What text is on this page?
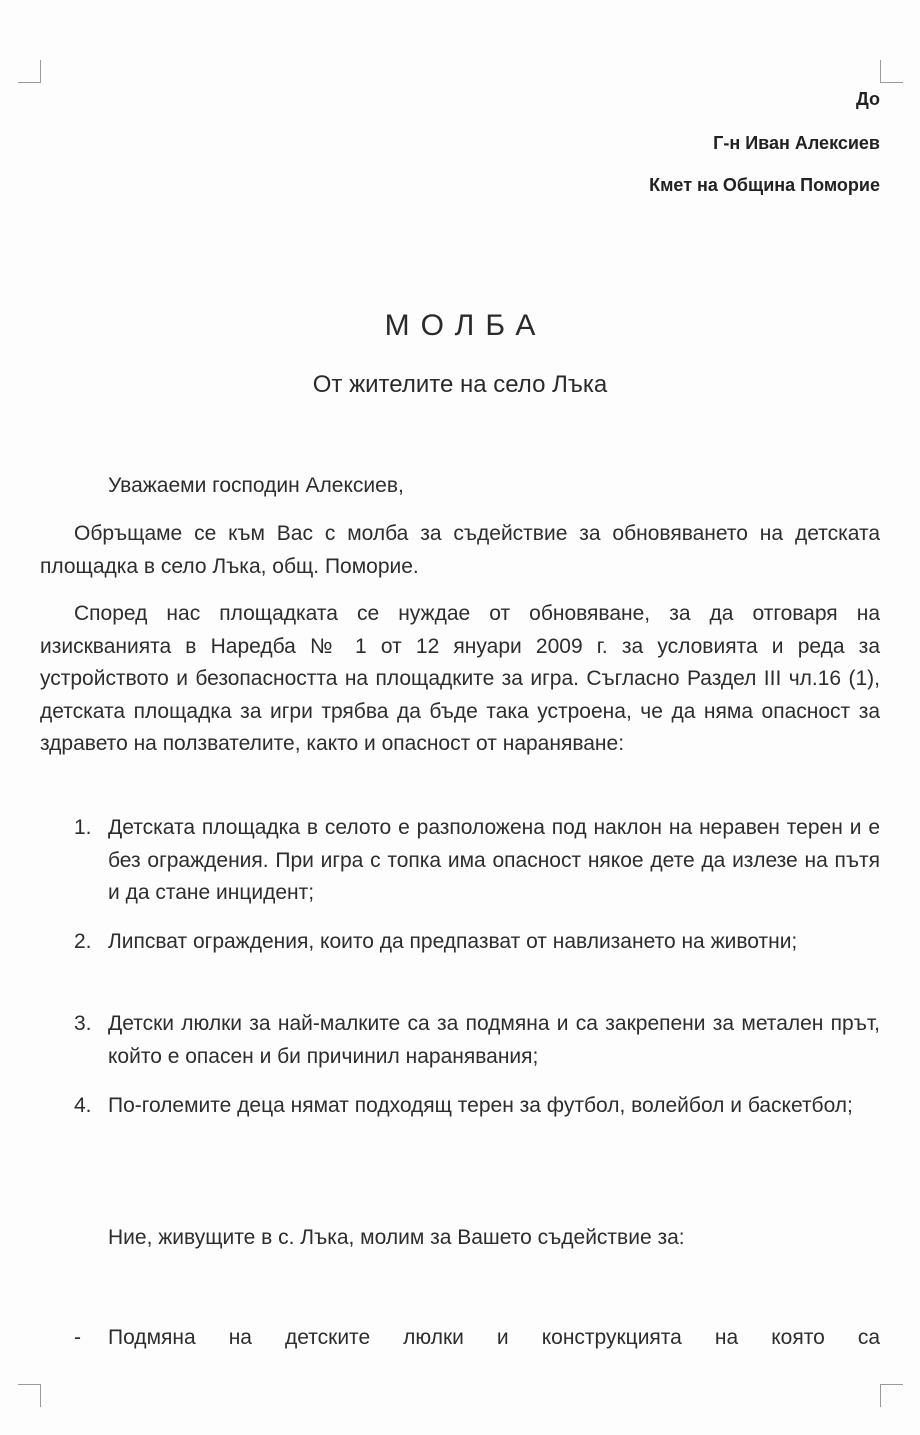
До
Г-н Иван Алексиев
Кмет на Община Поморие
МОЛБА
От жителите на село Лъка
Уважаеми господин Алексиев,
Обръщаме се към Вас с молба за съдействие за обновяването на детската площадка в село Лъка, общ. Поморие.
Според нас площадката се нуждае от обновяване, за да отговаря на изискванията в Наредба № 1 от 12 януари 2009 г. за условията и реда за устройството и безопасността на площадките за игра. Съгласно Раздел III чл.16 (1), детската площадка за игри трябва да бъде така устроена, че да няма опасност за здравето на ползвателите, както и опасност от нараняване:
1. Детската площадка в селото е разположена под наклон на неравен терен и е без ограждения. При игра с топка има опасност някое дете да излезе на пътя и да стане инцидент;
2. Липсват ограждения, които да предпазват от навлизането на животни;
3. Детски люлки за най-малките са за подмяна и са закрепени за метален прът, който е опасен и би причинил наранявания;
4. По-големите деца нямат подходящ терен за футбол, волейбол и баскетбол;
Ние, живущите в с. Лъка, молим за Вашето съдействие за:
- Подмяна на детските люлки и конструкцията на която са
